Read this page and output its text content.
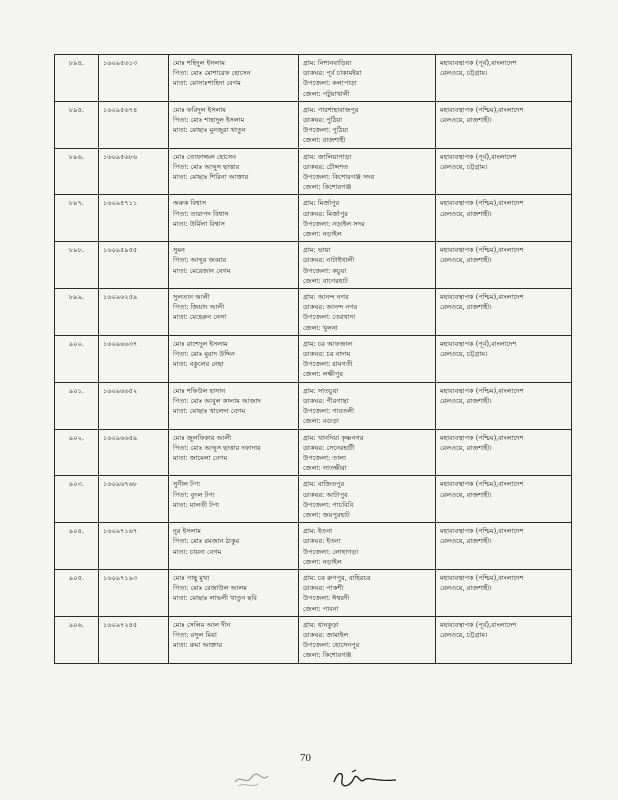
৮৯৪.	১৬০৯৫৬১৩	মোঃ শহিদুল ইসলাম
পিতা: মোঃ মোশারেফ হোসেন
মাতা: মোসাঃশাহিদা বেগম	গ্রাম: নিশানবাড়িয়া
ডাকঘর: পূর্ব চাকামইয়া
উপজেলা: কলাপাড়া
জেলা: পটুয়াখালী	মহাব্যবস্থাপক (পূর্ব),বাংলাদেশ
রেলওয়ে, চট্টগ্রাম।

৮৯৫.	১৬০৯৫৬৭৪	মোঃ ফরিদুল ইসলাম
পিতা: মোঃ শাহাদুল ইসলাম
মাতা: মোছাঃ মুনজুরা খাতুন	গ্রাম: পারশাহাবাজপুর
ডাকঘর: পুঠিয়া
উপজেলা: পুঠিয়া
জেলা: রাজশাহী	মহাব্যবস্থাপক (পশ্চিম),বাংলাদেশ
রেলওয়ে, রাজশাহী।

৮৯৬.	১৬০৯৫৬৮৬	মোঃ তোফাজ্জল হোসেন
পিতা: মোঃ আব্দুস ছাত্তার
মাতা: মোছাঃ শিরিনা আক্তার	গ্রাম: জালিয়াপাড়া
ডাকঘর: চৌদ্দশত
উপজেলা: কিশোরগঞ্জ সদর
জেলা: কিশোরগঞ্জ	মহাব্যবস্থাপক (পূর্ব),বাংলাদেশ
রেলওয়ে, চট্টগ্রাম।

৮৯৭.	১৬০৯৫৭১১	অরুক বিশ্বাস
পিতা: তারাপদ বিশ্বাস
মাতা: উর্মিলা বিশ্বাস	গ্রাম: মির্জাপুর
ডাকঘর: মির্জাপুর
উপজেলা: নড়াইল সদর
জেলা: নড়াইল	মহাব্যবস্থাপক (পশ্চিম),বাংলাদেশ
রেলওয়ে, রাজশাহী।

৮৯৮.	১৬০৯৫৯৫৫	সুমন
পিতা: আব্দুর জব্বার
মাতা: মেরেজান বেগম	গ্রাম: ভায়া
ডাকঘর: নাটাইখালী
উপজেলা: কচুয়া
জেলা: বাগেরহাট	মহাব্যবস্থাপক (পশ্চিম),বাংলাদেশ
রেলওয়ে, রাজশাহী।

৮৯৯.	১৬০৯৬২৫৯	সুলতান আলী
পিতা: জিয়াদ আলী
মাতা: মেহেরুন নেসা	গ্রাম: আনন্দ নগর
ডাকঘর: আনন্দ নগর
উপজেলা: তেরখাদা
জেলা: খুলনা	মহাব্যবস্থাপক (পশ্চিম),বাংলাদেশ
রেলওয়ে, রাজশাহী।

৯০০.	১৬০৯৬৬৩৭	মোঃ রাশেদুল ইসলাম
পিতা: মোঃ মুরাদ উদ্দিন
মাতা: বকুলের নেছা	গ্রাম: চর আফজাল
ডাকঘর: চর বাদাম
উপজেলা: রামগতী
জেলা: লক্ষীপুর	মহাব্যবস্থাপক (পূর্ব),বাংলাদেশ
রেলওয়ে, চট্টগ্রাম।

৯০১.	১৬০৯৬৬৫২	মোঃ শফিউল হাসান
পিতা: মোঃ আবুল কালাম আজাদ
মাতা: মোছাঃ খালেদা বেগম	গ্রাম: সাতচুয়া
ডাকঘর: পীরগাছা
উপজেলা: গাবতলী
জেলা: বগুড়া	মহাব্যবস্থাপক (পশ্চিম),বাংলাদেশ
রেলওয়ে, রাজশাহী।

৯০২.	১৬০৯৬৬৫৯	মোঃ জুলফিকার আলী
পিতা: মোঃ আব্দুস ছাত্তার দফাদার
মাতা: জামেলা বেগম	গ্রাম: খানদিয়া কৃষ্ণনগর
ডাকঘর: সেনেরহাটী
উপজেলা: তালা
জেলা: সাতক্ষীরা	মহাব্যবস্থাপক (পশ্চিম),বাংলাদেশ
রেলওয়ে, রাজশাহী।

৯০৩.	১৬০৯৬৭৬৮	সুনীল টপ্য
পিতা: বুদল টপ্য
মাতা: মালতী টপ্য	গ্রাম: বাজিতপুর
ডাকঘর: আটাপুর
উপজেলা: পাচবিবি
জেলা: জয়পুরহাট	মহাব্যবস্থাপক (পশ্চিম),বাংলাদেশ
রেলওয়ে, রাজশাহী।

৯০৪.	১৬০৯৭১৬৭	নুর ইসলাম
পিতা: মোঃ রমজান ঠাকুর
মাতা: চায়না বেগম	গ্রাম: ইতনা
ডাকঘর: ইতনা
উপজেলা: লোহাগড়া
জেলা: নড়াইল	মহাব্যবস্থাপক (পশ্চিম),বাংলাদেশ
রেলওয়ে, রাজশাহী।

৯০৫.	১৬০৯৭১৯৩	মোঃ পান্থু মুখা
পিতা: মোঃ রেজাউল আলম
মাতা: মোছাঃ লাভলী খাতুন ছবি	গ্রাম: চর রুপপুর, বাহিরচর
ডাকঘর: পাকশী
উপজেলা: ঈশ্বরদী
জেলা: পাবনা	মহাব্যবস্থাপক (পশ্চিম),বাংলাদেশ
রেলওয়ে, রাজশাহী।

৯০৬.	১৬০৯৭২৪৫	মোঃ সেলিম আল দীন
পিতা: রসুল মিয়া
মাতা: রুমা আক্তার	গ্রাম: ধানকুড়া
ডাকঘর: জামাইল
উপজেলা: হোসেনপুর
জেলা: কিশোরগঞ্জ	মহাব্যবস্থাপক (পূর্ব),বাংলাদেশ
রেলওয়ে, চট্টগ্রাম।
70
